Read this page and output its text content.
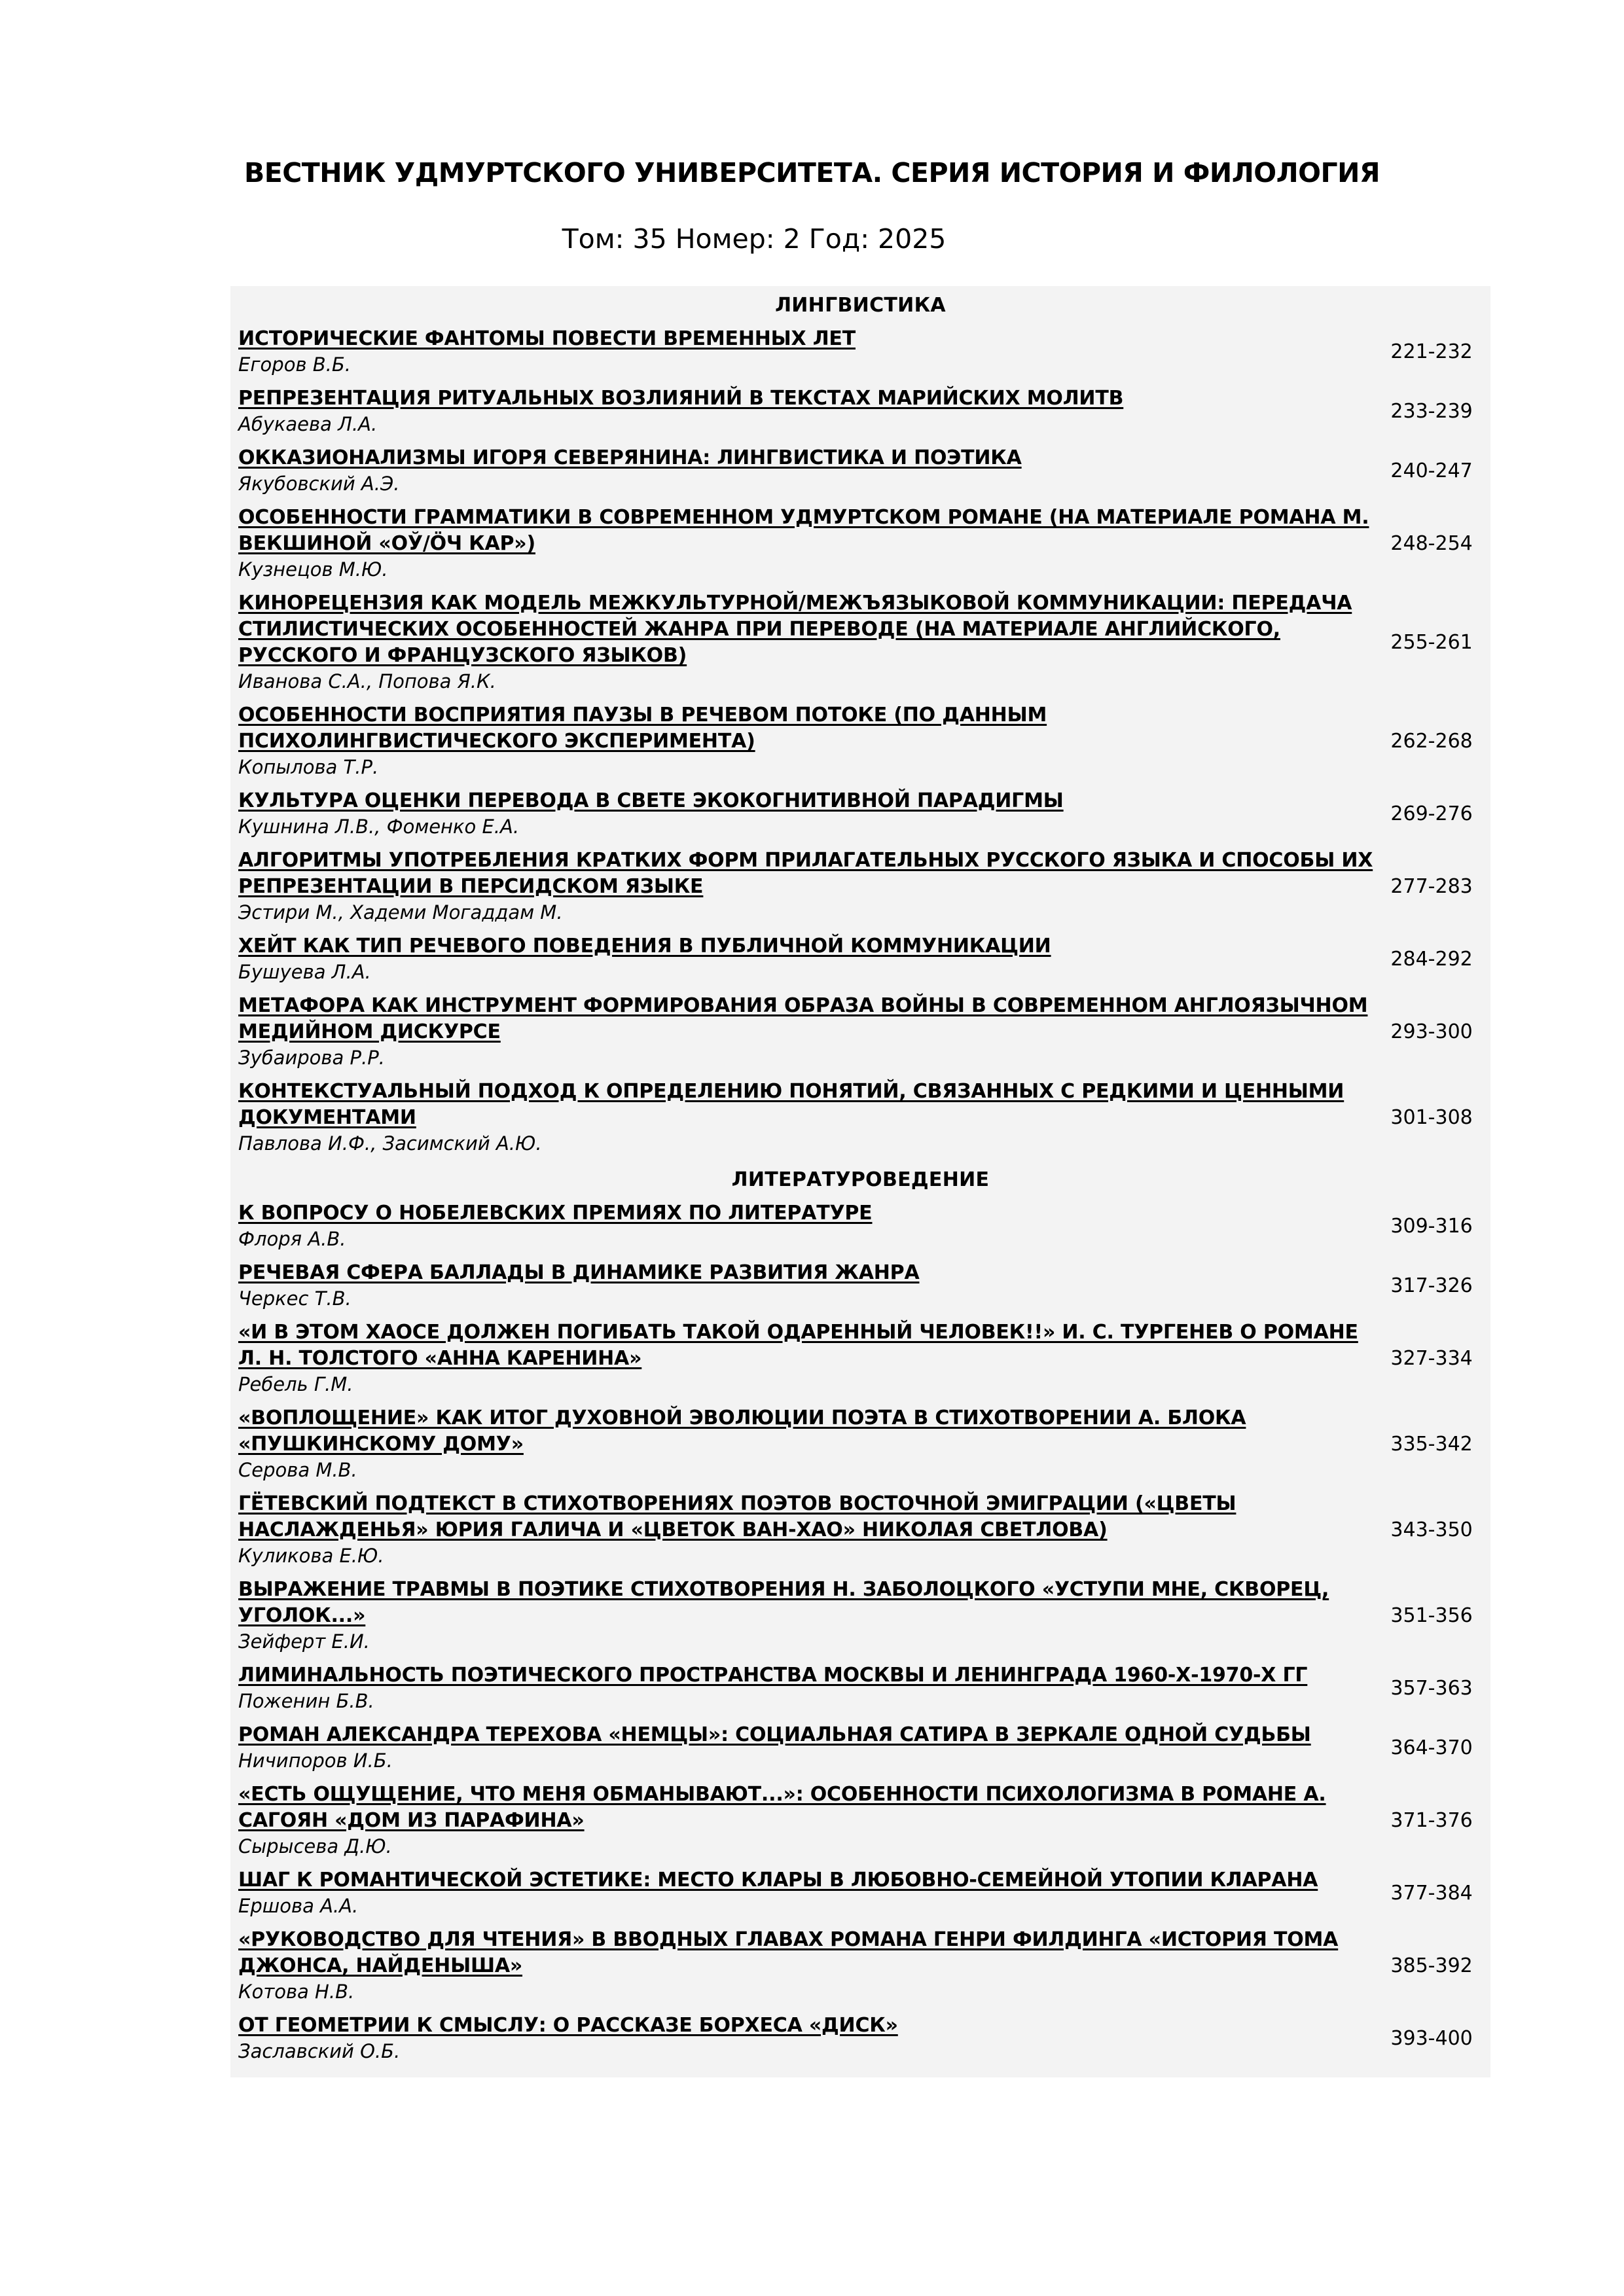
ВЕСТНИК УДМУРТСКОГО УНИВЕРСИТЕТА. СЕРИЯ ИСТОРИЯ И ФИЛОЛОГИЯ
Том: 35 Номер: 2 Год: 2025
ЛИНГВИСТИКА
ИСТОРИЧЕСКИЕ ФАНТОМЫ ПОВЕСТИ ВРЕМЕННЫХ ЛЕТ
Егоров В.Б.
221-232
РЕПРЕЗЕНТАЦИЯ РИТУАЛЬНЫХ ВОЗЛИЯНИЙ В ТЕКСТАХ МАРИЙСКИХ МОЛИТВ
Абукаева Л.А.
233-239
ОККАЗИОНАЛИЗМЫ ИГОРЯ СЕВЕРЯНИНА: ЛИНГВИСТИКА И ПОЭТИКА
Якубовский А.Э.
240-247
ОСОБЕННОСТИ ГРАММАТИКИ В СОВРЕМЕННОМ УДМУРТСКОМ РОМАНЕ (НА МАТЕРИАЛЕ РОМАНА М. ВЕКШИНОЙ «ОЎ/ÖЧ КАР»)
Кузнецов М.Ю.
248-254
КИНОРЕЦЕНЗИЯ КАК МОДЕЛЬ МЕЖКУЛЬТУРНОЙ/МЕЖЪЯЗЫКОВОЙ КОММУНИКАЦИИ: ПЕРЕДАЧА СТИЛИСТИЧЕСКИХ ОСОБЕННОСТЕЙ ЖАНРА ПРИ ПЕРЕВОДЕ (НА МАТЕРИАЛЕ АНГЛИЙСКОГО, РУССКОГО И ФРАНЦУЗСКОГО ЯЗЫКОВ)
Иванова С.А., Попова Я.К.
255-261
ОСОБЕННОСТИ ВОСПРИЯТИЯ ПАУЗЫ В РЕЧЕВОМ ПОТОКЕ (ПО ДАННЫМ ПСИХОЛИНГВИСТИЧЕСКОГО ЭКСПЕРИМЕНТА)
Копылова Т.Р.
262-268
КУЛЬТУРА ОЦЕНКИ ПЕРЕВОДА В СВЕТЕ ЭКОКОГНИТИВНОЙ ПАРАДИГМЫ
Кушнина Л.В., Фоменко Е.А.
269-276
АЛГОРИТМЫ УПОТРЕБЛЕНИЯ КРАТКИХ ФОРМ ПРИЛАГАТЕЛЬНЫХ РУССКОГО ЯЗЫКА И СПОСОБЫ ИХ РЕПРЕЗЕНТАЦИИ В ПЕРСИДСКОМ ЯЗЫКЕ
Эстири М., Хадеми Могаддам М.
277-283
ХЕЙТ КАК ТИП РЕЧЕВОГО ПОВЕДЕНИЯ В ПУБЛИЧНОЙ КОММУНИКАЦИИ
Бушуева Л.А.
284-292
МЕТАФОРА КАК ИНСТРУМЕНТ ФОРМИРОВАНИЯ ОБРАЗА ВОЙНЫ В СОВРЕМЕННОМ АНГЛОЯЗЫЧНОМ МЕДИЙНОМ ДИСКУРСЕ
Зубаирова Р.Р.
293-300
КОНТЕКСТУАЛЬНЫЙ ПОДХОД К ОПРЕДЕЛЕНИЮ ПОНЯТИЙ, СВЯЗАННЫХ С РЕДКИМИ И ЦЕННЫМИ ДОКУМЕНТАМИ
Павлова И.Ф., Засимский А.Ю.
301-308
ЛИТЕРАТУРОВЕДЕНИЕ
К ВОПРОСУ О НОБЕЛЕВСКИХ ПРЕМИЯХ ПО ЛИТЕРАТУРЕ
Флоря А.В.
309-316
РЕЧЕВАЯ СФЕРА БАЛЛАДЫ В ДИНАМИКЕ РАЗВИТИЯ ЖАНРА
Черкес Т.В.
317-326
«И В ЭТОМ ХАОСЕ ДОЛЖЕН ПОГИБАТЬ ТАКОЙ ОДАРЕННЫЙ ЧЕЛОВЕК!!» И. С. ТУРГЕНЕВ О РОМАНЕ Л. Н. ТОЛСТОГО «АННА КАРЕНИНА»
Ребель Г.М.
327-334
«ВОПЛОЩЕНИЕ» КАК ИТОГ ДУХОВНОЙ ЭВОЛЮЦИИ ПОЭТА В СТИХОТВОРЕНИИ А. БЛОКА «ПУШКИНСКОМУ ДОМУ»
Серова М.В.
335-342
ГЁТЕВСКИЙ ПОДТЕКСТ В СТИХОТВОРЕНИЯХ ПОЭТОВ ВОСТОЧНОЙ ЭМИГРАЦИИ («ЦВЕТЫ НАСЛАЖДЕНЬЯ» ЮРИЯ ГАЛИЧА И «ЦВЕТОК ВАН-ХАО» НИКОЛАЯ СВЕТЛОВА)
Куликова Е.Ю.
343-350
ВЫРАЖЕНИЕ ТРАВМЫ В ПОЭТИКЕ СТИХОТВОРЕНИЯ Н. ЗАБОЛОЦКОГО «УСТУПИ МНЕ, СКВОРЕЦ, УГОЛОК...»
Зейферт Е.И.
351-356
ЛИМИНАЛЬНОСТЬ ПОЭТИЧЕСКОГО ПРОСТРАНСТВА МОСКВЫ И ЛЕНИНГРАДА 1960-Х-1970-Х ГГ
Поженин Б.В.
357-363
РОМАН АЛЕКСАНДРА ТЕРЕХОВА «НЕМЦЫ»: СОЦИАЛЬНАЯ САТИРА В ЗЕРКАЛЕ ОДНОЙ СУДЬБЫ
Ничипоров И.Б.
364-370
«ЕСТЬ ОЩУЩЕНИЕ, ЧТО МЕНЯ ОБМАНЫВАЮТ...»: ОСОБЕННОСТИ ПСИХОЛОГИЗМА В РОМАНЕ А. САГОЯН «ДОМ ИЗ ПАРАФИНА»
Сырысева Д.Ю.
371-376
ШАГ К РОМАНТИЧЕСКОЙ ЭСТЕТИКЕ: МЕСТО КЛАРЫ В ЛЮБОВНО-СЕМЕЙНОЙ УТОПИИ КЛАРАНА
Ершова А.А.
377-384
«РУКОВОДСТВО ДЛЯ ЧТЕНИЯ» В ВВОДНЫХ ГЛАВАХ РОМАНА ГЕНРИ ФИЛДИНГА «ИСТОРИЯ ТОМА ДЖОНСА, НАЙДЕНЫША»
Котова Н.В.
385-392
ОТ ГЕОМЕТРИИ К СМЫСЛУ: О РАССКАЗЕ БОРХЕСА «ДИСК»
Заславский О.Б.
393-400
